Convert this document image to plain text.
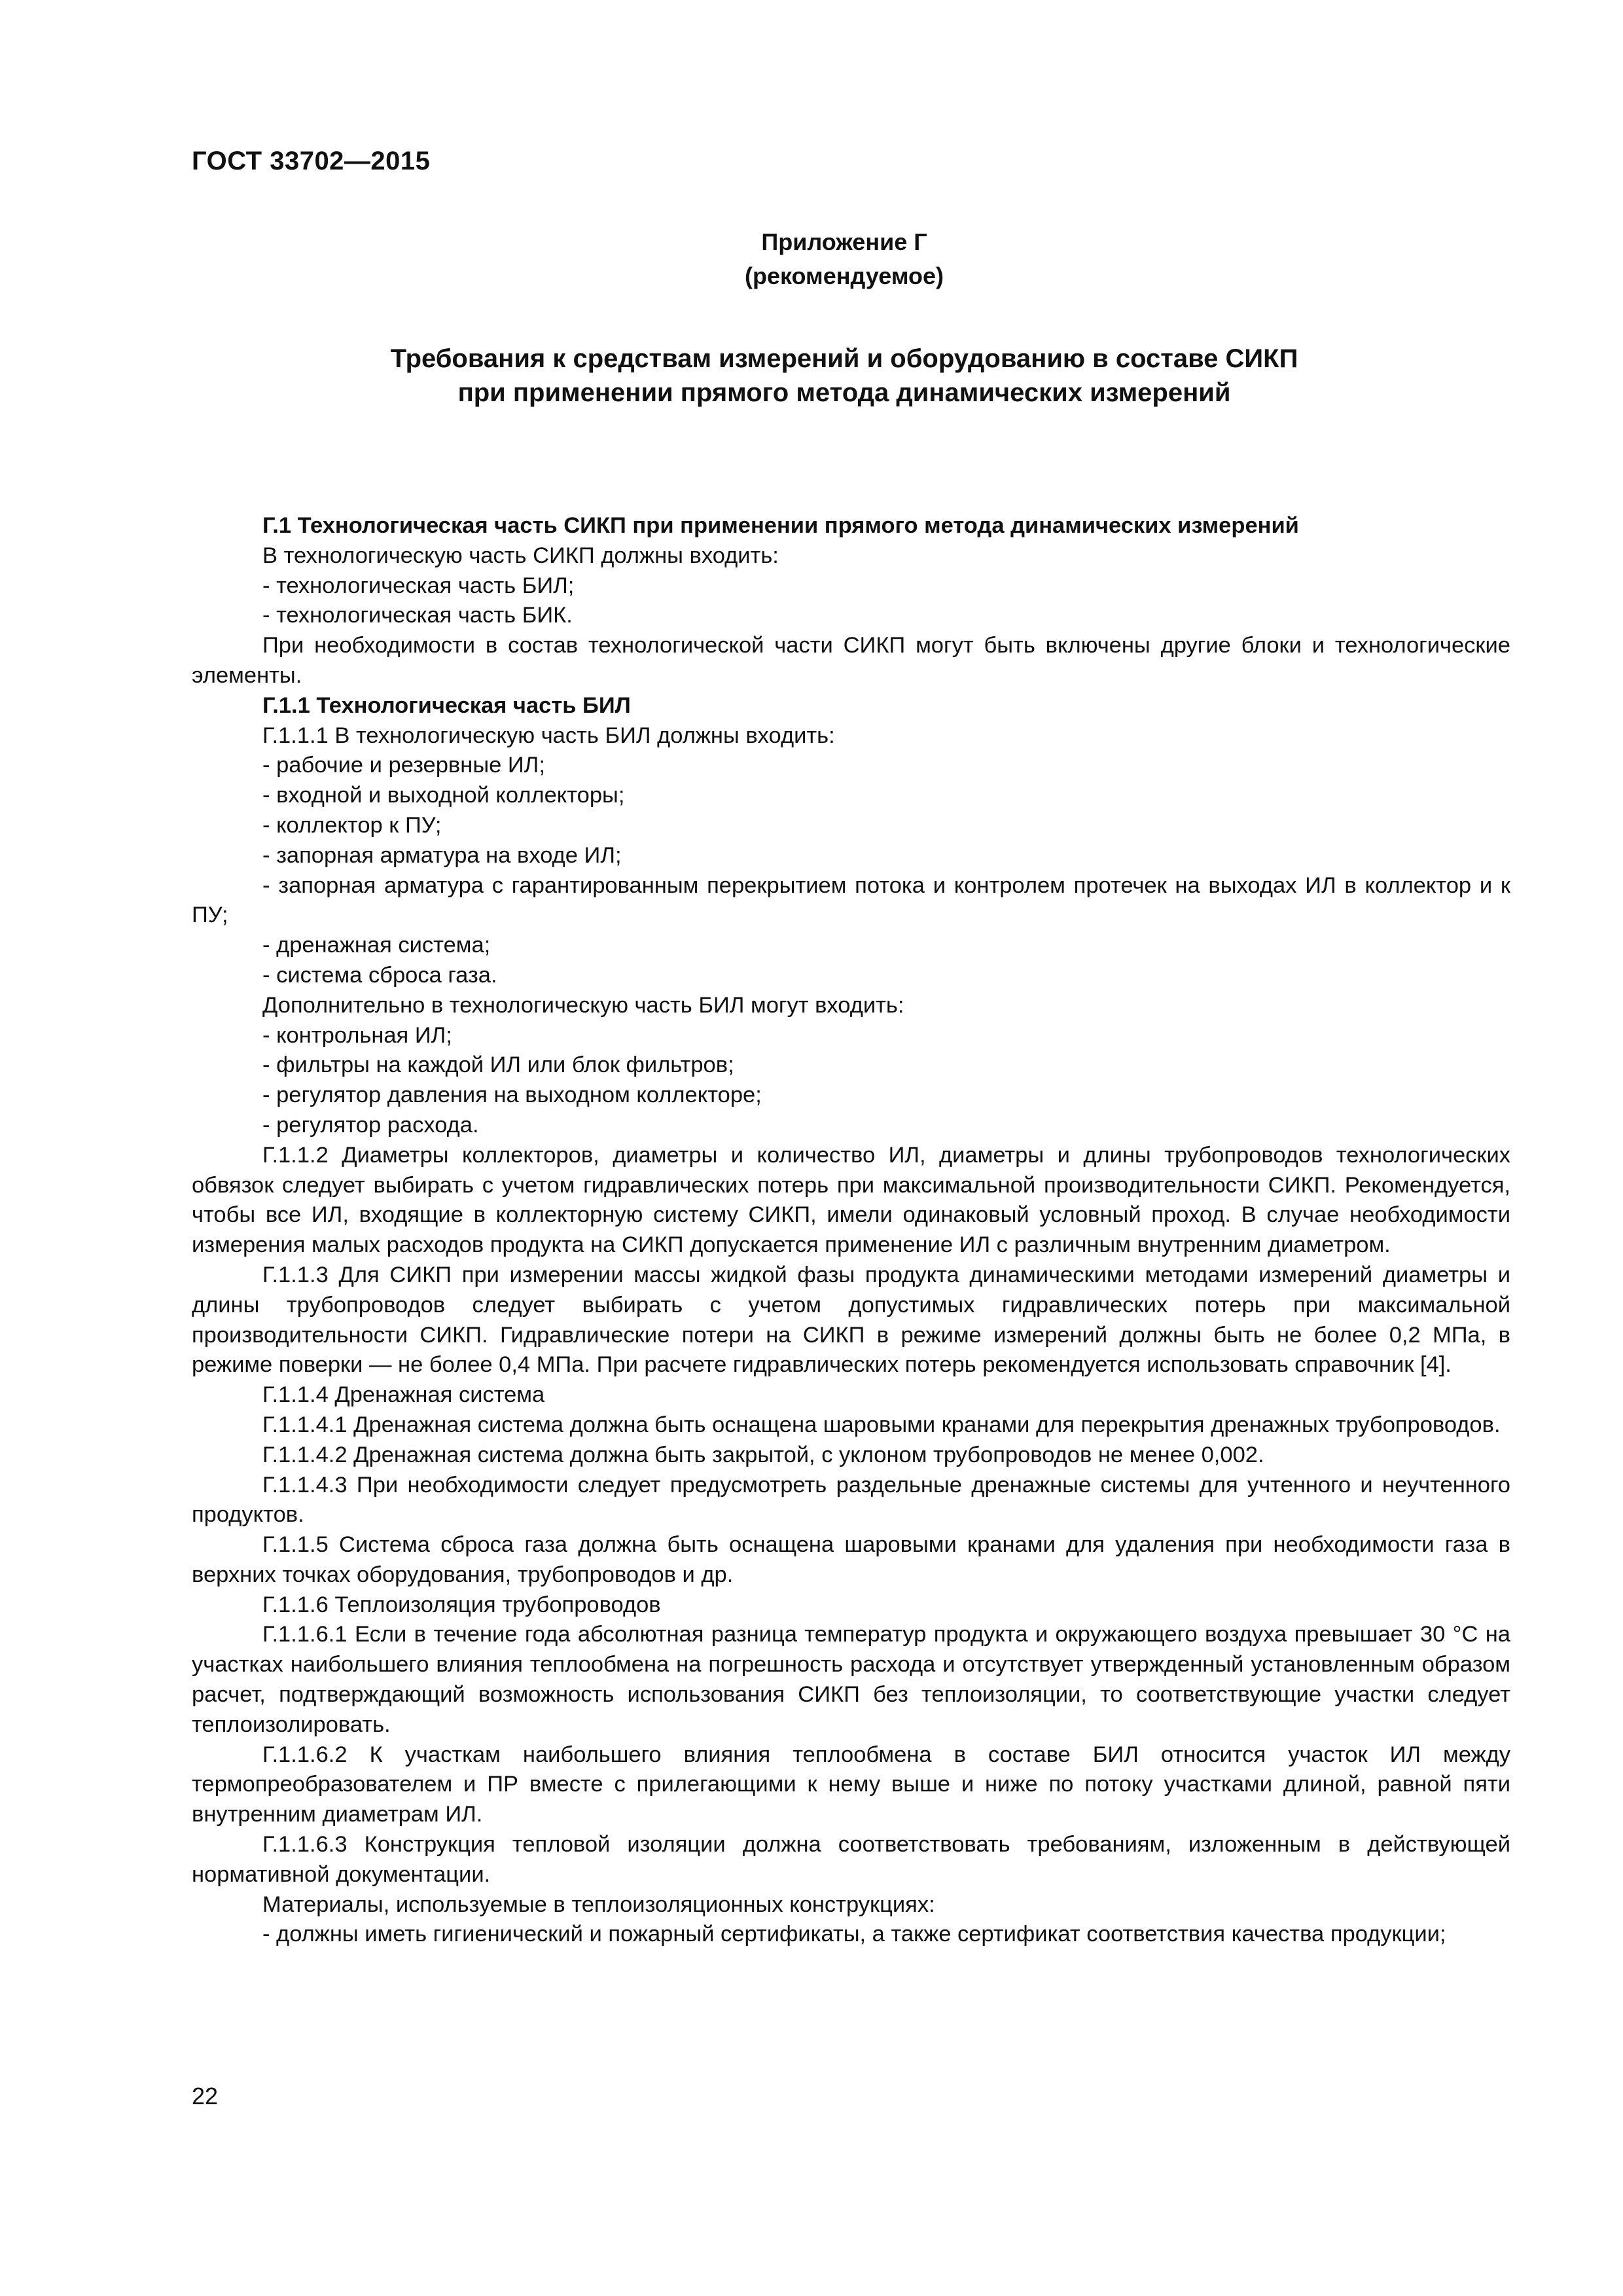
ГОСТ 33702—2015
Приложение Г
(рекомендуемое)
Требования к средствам измерений и оборудованию в составе СИКП
при применении прямого метода динамических измерений

Г.1 Технологическая часть СИКП при применении прямого метода динамических измерений

В технологическую часть СИКП должны входить:

- технологическая часть БИЛ;

- технологическая часть БИК.

При необходимости в состав технологической части СИКП могут быть включены другие блоки и технологические элементы.

Г.1.1 Технологическая часть БИЛ

Г.1.1.1 В технологическую часть БИЛ должны входить:

- рабочие и резервные ИЛ;

- входной и выходной коллекторы;

- коллектор к ПУ;

- запорная арматура на входе ИЛ;

- запорная арматура с гарантированным перекрытием потока и контролем протечек на выходах ИЛ в коллектор и к ПУ;

- дренажная система;

- система сброса газа.

Дополнительно в технологическую часть БИЛ могут входить:

- контрольная ИЛ;

- фильтры на каждой ИЛ или блок фильтров;

- регулятор давления на выходном коллекторе;

- регулятор расхода.

Г.1.1.2 Диаметры коллекторов, диаметры и количество ИЛ, диаметры и длины трубопроводов технологических обвязок следует выбирать с учетом гидравлических потерь при максимальной производительности СИКП. Рекомендуется, чтобы все ИЛ, входящие в коллекторную систему СИКП, имели одинаковый условный проход. В случае необходимости измерения малых расходов продукта на СИКП допускается применение ИЛ с различным внутренним диаметром.

Г.1.1.3 Для СИКП при измерении массы жидкой фазы продукта динамическими методами измерений диаметры и длины трубопроводов следует выбирать с учетом допустимых гидравлических потерь при максимальной производительности СИКП. Гидравлические потери на СИКП в режиме измерений должны быть не более 0,2 МПа, в режиме поверки — не более 0,4 МПа. При расчете гидравлических потерь рекомендуется использовать справочник [4].

Г.1.1.4 Дренажная система

Г.1.1.4.1 Дренажная система должна быть оснащена шаровыми кранами для перекрытия дренажных трубопроводов.

Г.1.1.4.2 Дренажная система должна быть закрытой, с уклоном трубопроводов не менее 0,002.

Г.1.1.4.3 При необходимости следует предусмотреть раздельные дренажные системы для учтенного и неучтенного продуктов.

Г.1.1.5 Система сброса газа должна быть оснащена шаровыми кранами для удаления при необходимости газа в верхних точках оборудования, трубопроводов и др.

Г.1.1.6 Теплоизоляция трубопроводов

Г.1.1.6.1 Если в течение года абсолютная разница температур продукта и окружающего воздуха превышает 30 °С на участках наибольшего влияния теплообмена на погрешность расхода и отсутствует утвержденный установленным образом расчет, подтверждающий возможность использования СИКП без теплоизоляции, то соответствующие участки следует теплоизолировать.

Г.1.1.6.2 К участкам наибольшего влияния теплообмена в составе БИЛ относится участок ИЛ между термопреобразователем и ПР вместе с прилегающими к нему выше и ниже по потоку участками длиной, равной пяти внутренним диаметрам ИЛ.

Г.1.1.6.3 Конструкция тепловой изоляции должна соответствовать требованиям, изложенным в действующей нормативной документации.

Материалы, используемые в теплоизоляционных конструкциях:

- должны иметь гигиенический и пожарный сертификаты, а также сертификат соответствия качества продукции;

22
